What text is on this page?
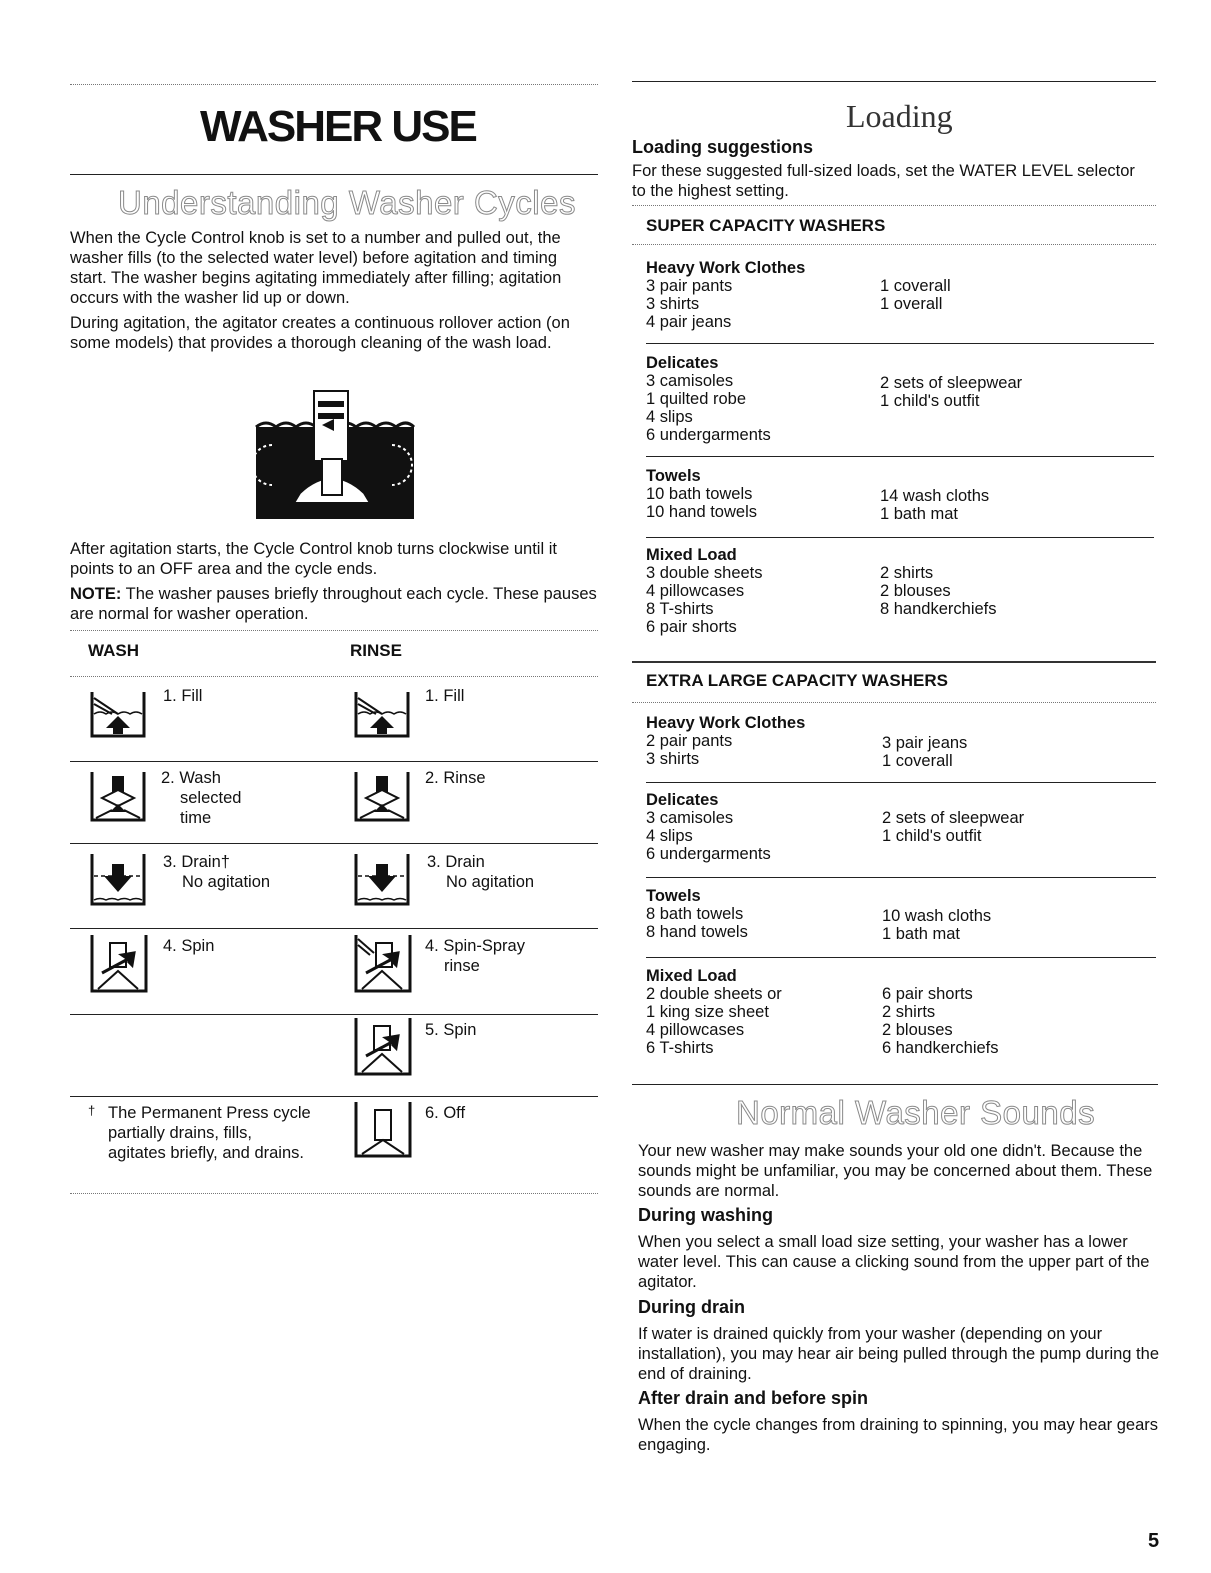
WASHER USE
Understanding Washer Cycles

When the Cycle Control knob is set to a number and pulled out, the washer fills (to the selected water level) before agitation and timing start. The washer begins agitating immediately after filling; agitation occurs with the washer lid up or down.

During agitation, the agitator creates a continuous rollover action (on some models) that provides a thorough cleaning of the wash load.

After agitation starts, the Cycle Control knob turns clockwise until it points to an OFF area and the cycle ends.

NOTE: The washer pauses briefly throughout each cycle. These pauses are normal for washer operation.

WASH	RINSE
1. Fill
2. Wash
selected
time
3. Drain†
No agitation
4. Spin
1. Fill
2. Rinse
3. Drain
No agitation
4. Spin-Spray
rinse
5. Spin
6. Off
† The Permanent Press cycle
partially drains, fills,
agitates briefly, and drains.
Loading
Loading suggestions

For these suggested full-sized loads, set the WATER LEVEL selector to the highest setting.

SUPER CAPACITY WASHERS
Heavy Work Clothes
3 pair pants
3 shirts
4 pair jeans
1 coverall
1 overall
Delicates
3 camisoles
1 quilted robe
4 slips
6 undergarments
2 sets of sleepwear
1 child's outfit
Towels
10 bath towels
10 hand towels
14 wash cloths
1 bath mat
Mixed Load
3 double sheets
4 pillowcases
8 T-shirts
6 pair shorts
2 shirts
2 blouses
8 handkerchiefs
EXTRA LARGE CAPACITY WASHERS
Heavy Work Clothes
2 pair pants
3 shirts
3 pair jeans
1 coverall
Delicates
3 camisoles
4 slips
6 undergarments
2 sets of sleepwear
1 child's outfit
Towels
8 bath towels
8 hand towels
10 wash cloths
1 bath mat
Mixed Load
2 double sheets or
1 king size sheet
4 pillowcases
6 T-shirts
6 pair shorts
2 shirts
2 blouses
6 handkerchiefs
Normal Washer Sounds

Your new washer may make sounds your old one didn't. Because the sounds might be unfamiliar, you may be concerned about them. These sounds are normal.

During washing

When you select a small load size setting, your washer has a lower water level. This can cause a clicking sound from the upper part of the agitator.

During drain

If water is drained quickly from your washer (depending on your installation), you may hear air being pulled through the pump during the end of draining.

After drain and before spin

When the cycle changes from draining to spinning, you may hear gears engaging.

5
